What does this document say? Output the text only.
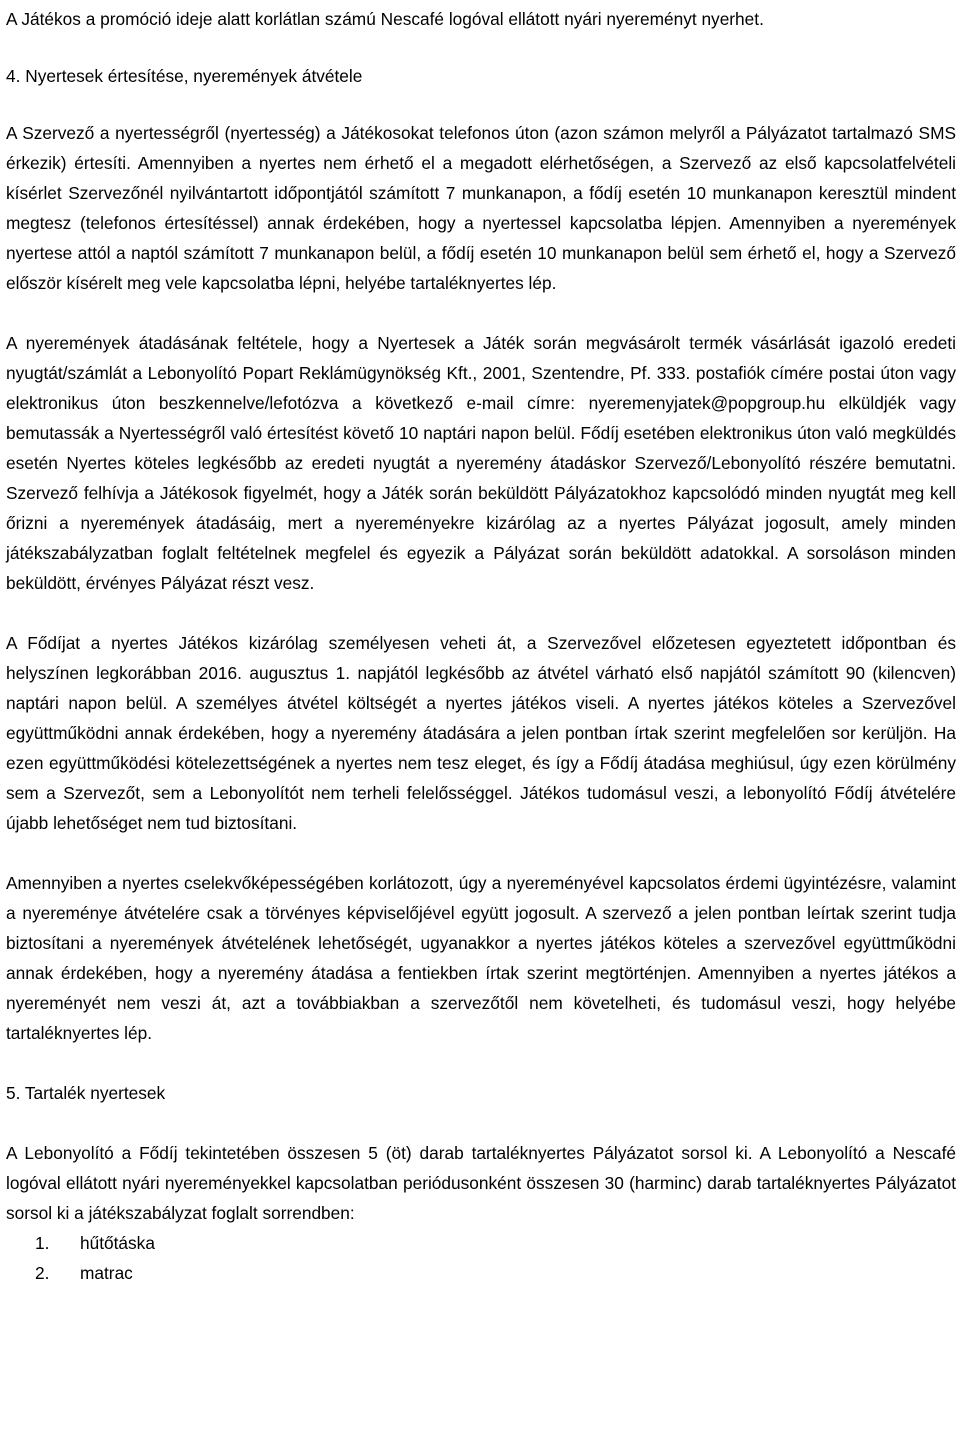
A Játékos a promóció ideje alatt korlátlan számú Nescafé logóval ellátott nyári nyereményt nyerhet.

4. Nyertesek értesítése, nyeremények átvétele

A Szervező a nyertességről (nyertesség) a Játékosokat telefonos úton (azon számon melyről a Pályázatot tartalmazó SMS érkezik) értesíti. Amennyiben a nyertes nem érhető el a megadott elérhetőségen, a Szervező az első kapcsolatfelvételi kísérlet Szervezőnél nyilvántartott időpontjától számított 7 munkanapon, a fődíj esetén 10 munkanapon keresztül mindent megtesz (telefonos értesítéssel) annak érdekében, hogy a nyertessel kapcsolatba lépjen. Amennyiben a nyeremények nyertese attól a naptól számított 7 munkanapon belül, a fődíj esetén 10 munkanapon belül sem érhető el, hogy a Szervező először kísérelt meg vele kapcsolatba lépni, helyébe tartaléknyertes lép.

A nyeremények átadásának feltétele, hogy a Nyertesek a Játék során megvásárolt termék vásárlását igazoló eredeti nyugtát/számlát a Lebonyolító Popart Reklámügynökség Kft., 2001, Szentendre, Pf. 333. postafiók címére postai úton vagy elektronikus úton beszkennelve/lefotózva a következő e-mail címre: nyeremenyjatek@popgroup.hu elküldjék vagy bemutassák a Nyertességről való értesítést követő 10 naptári napon belül. Fődíj esetében elektronikus úton való megküldés esetén Nyertes köteles legkésőbb az eredeti nyugtát a nyeremény átadáskor Szervező/Lebonyolító részére bemutatni. Szervező felhívja a Játékosok figyelmét, hogy a Játék során beküldött Pályázatokhoz kapcsolódó minden nyugtát meg kell őrizni a nyeremények átadásáig, mert a nyereményekre kizárólag az a nyertes Pályázat jogosult, amely minden játékszabályzatban foglalt feltételnek megfelel és egyezik a Pályázat során beküldött adatokkal. A sorsoláson minden beküldött, érvényes Pályázat részt vesz.

A Fődíjat a nyertes Játékos kizárólag személyesen veheti át, a Szervezővel előzetesen egyeztetett időpontban és helyszínen legkorábban 2016. augusztus 1. napjától legkésőbb az átvétel várható első napjától számított 90 (kilencven) naptári napon belül. A személyes átvétel költségét a nyertes játékos viseli. A nyertes játékos köteles a Szervezővel együttműködni annak érdekében, hogy a nyeremény átadására a jelen pontban írtak szerint megfelelően sor kerüljön. Ha ezen együttműködési kötelezettségének a nyertes nem tesz eleget, és így a Fődíj átadása meghiúsul, úgy ezen körülmény sem a Szervezőt, sem a Lebonyolítót nem terheli felelősséggel. Játékos tudomásul veszi, a lebonyolító Fődíj átvételére újabb lehetőséget nem tud biztosítani.

Amennyiben a nyertes cselekvőképességében korlátozott, úgy a nyereményével kapcsolatos érdemi ügyintézésre, valamint a nyereménye átvételére csak a törvényes képviselőjével együtt jogosult. A szervező a jelen pontban leírtak szerint tudja biztosítani a nyeremények átvételének lehetőségét, ugyanakkor a nyertes játékos köteles a szervezővel együttműködni annak érdekében, hogy a nyeremény átadása a fentiekben írtak szerint megtörténjen. Amennyiben a nyertes játékos a nyereményét nem veszi át, azt a továbbiakban a szervezőtől nem követelheti, és tudomásul veszi, hogy helyébe tartaléknyertes lép.

5. Tartalék nyertesek

A Lebonyolító a Fődíj tekintetében összesen 5 (öt) darab tartaléknyertes Pályázatot sorsol ki. A Lebonyolító a Nescafé logóval ellátott nyári nyereményekkel kapcsolatban periódusonként összesen 30 (harminc) darab tartaléknyertes Pályázatot sorsol ki a játékszabályzat foglalt sorrendben:

1.	hűtőtáska
2.	matrac
